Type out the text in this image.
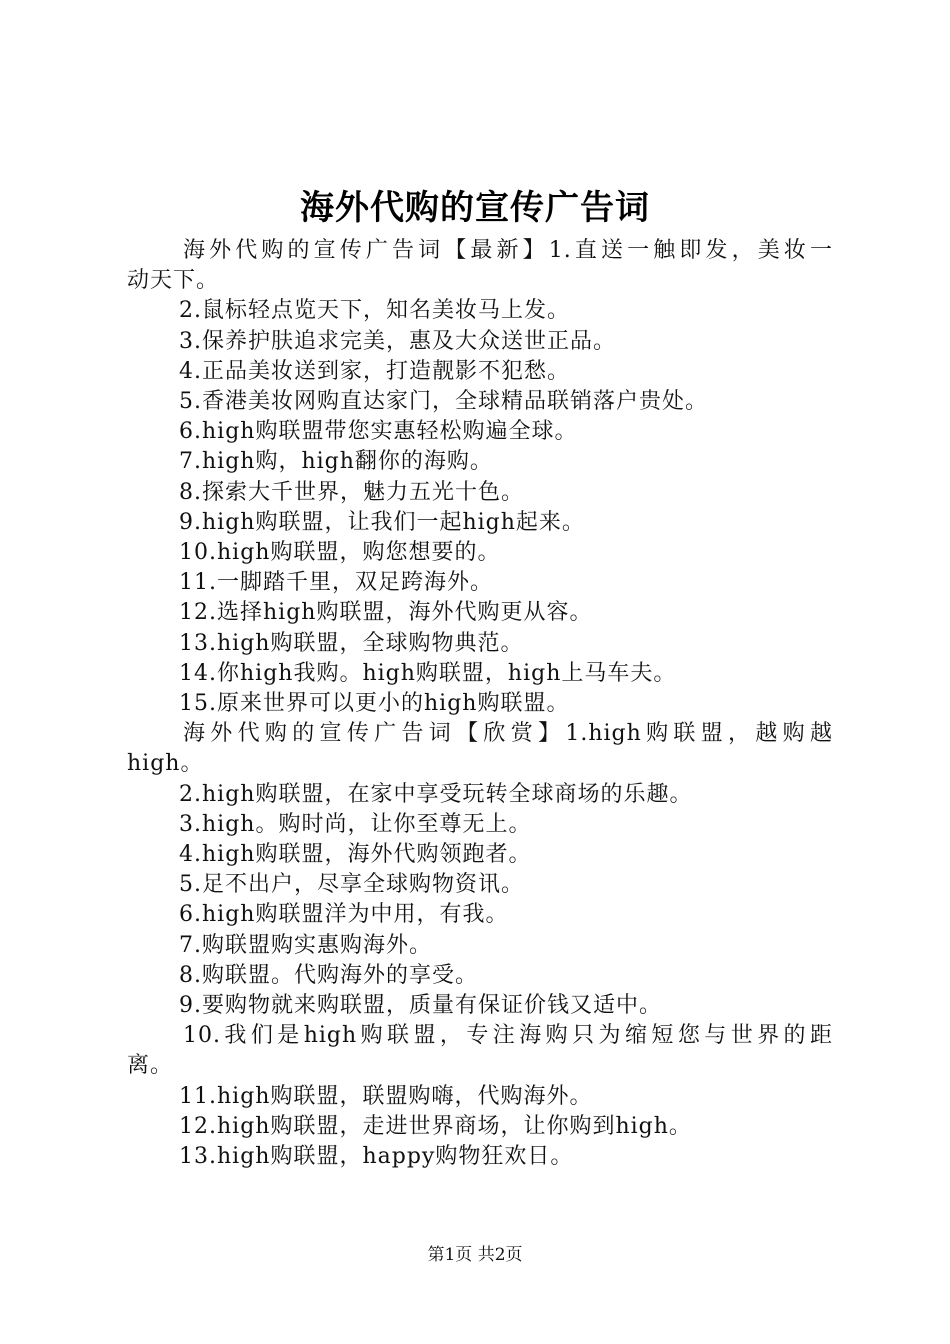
海外代购的宣传广告词

海外代购的宣传广告词【最新】1.直送一触即发，美妆一

动天下。

2.鼠标轻点览天下，知名美妆马上发。

3.保养护肤追求完美，惠及大众送世正品。

4.正品美妆送到家，打造靓影不犯愁。

5.香港美妆网购直达家门，全球精品联销落户贵处。

6.high购联盟带您实惠轻松购遍全球。

7.high购，high翻你的海购。

8.探索大千世界，魅力五光十色。

9.high购联盟，让我们一起high起来。

10.high购联盟，购您想要的。

11.一脚踏千里，双足跨海外。

12.选择high购联盟，海外代购更从容。

13.high购联盟，全球购物典范。

14.你high我购。high购联盟，high上马车夫。

15.原来世界可以更小的high购联盟。

海外代购的宣传广告词【欣赏】1.high购联盟，越购越

high。

2.high购联盟，在家中享受玩转全球商场的乐趣。

3.high。购时尚，让你至尊无上。

4.high购联盟，海外代购领跑者。

5.足不出户，尽享全球购物资讯。

6.high购联盟洋为中用，有我。

7.购联盟购实惠购海外。

8.购联盟。代购海外的享受。

9.要购物就来购联盟，质量有保证价钱又适中。

10.我们是high购联盟，专注海购只为缩短您与世界的距

离。

11.high购联盟，联盟购嗨，代购海外。

12.high购联盟，走进世界商场，让你购到high。

13.high购联盟，happy购物狂欢日。

第1页 共2页
